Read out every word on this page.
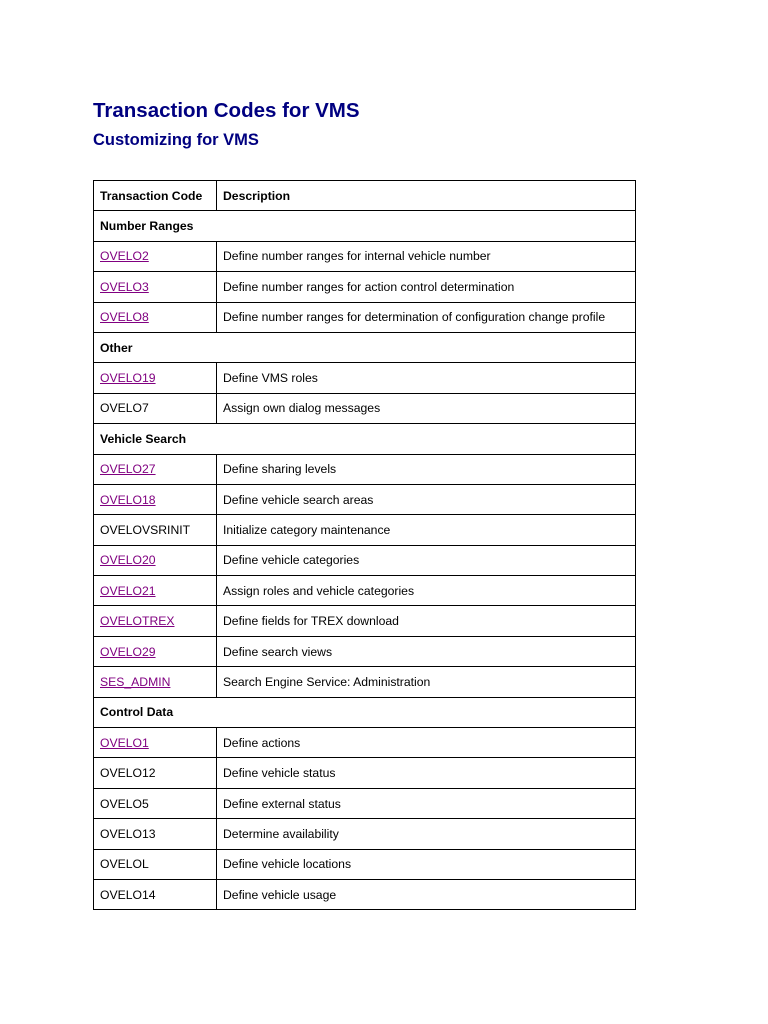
Transaction Codes for VMS
Customizing for VMS
Transaction Code	Description
Number Ranges	
OVELO2	Define number ranges for internal vehicle number
OVELO3	Define number ranges for action control determination
OVELO8	Define number ranges for determination of configuration change profile
Other	
OVELO19	Define VMS roles
OVELO7	Assign own dialog messages
Vehicle Search	
OVELO27	Define sharing levels
OVELO18	Define vehicle search areas
OVELOVSRINIT	Initialize category maintenance
OVELO20	Define vehicle categories
OVELO21	Assign roles and vehicle categories
OVELOTREX	Define fields for TREX download
OVELO29	Define search views
SES_ADMIN	Search Engine Service: Administration
Control Data	
OVELO1	Define actions
OVELO12	Define vehicle status
OVELO5	Define external status
OVELO13	Determine availability
OVELOL	Define vehicle locations
OVELO14	Define vehicle usage
